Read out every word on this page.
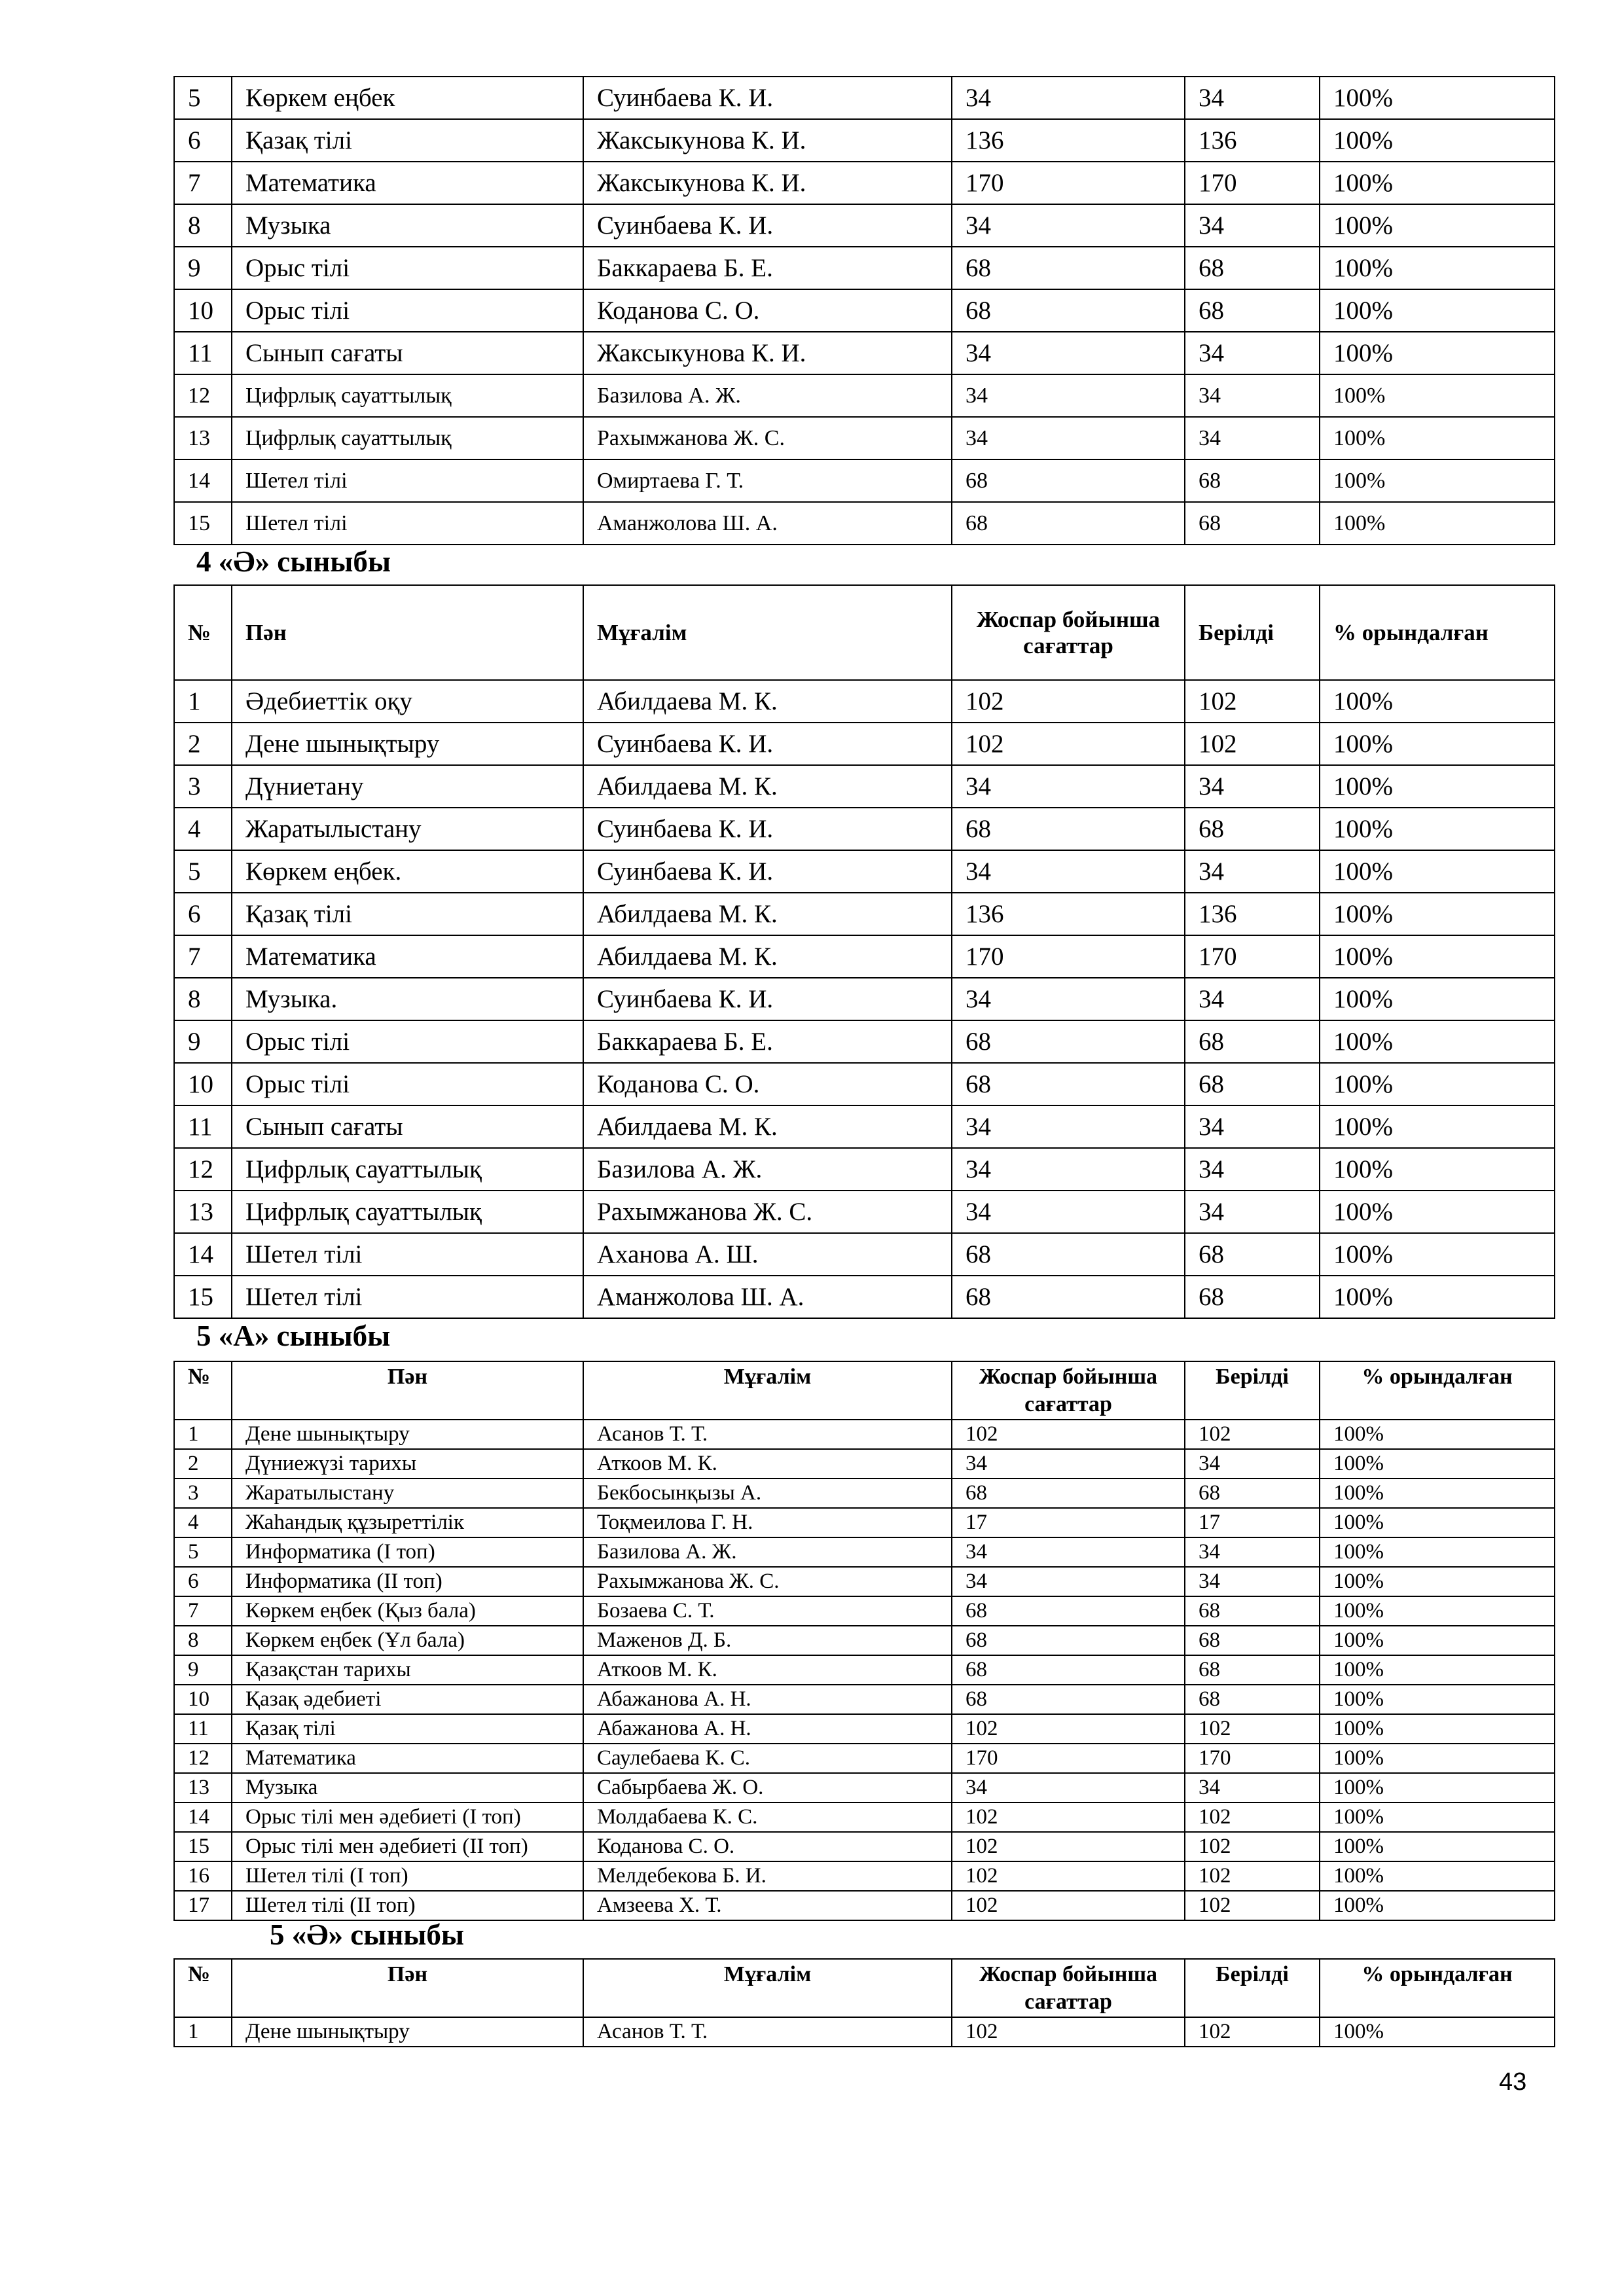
5	Көркем еңбек	Суинбаева К. И.	34	34	100%
6	Қазақ тілі	Жаксыкунова К. И.	136	136	100%
7	Математика	Жаксыкунова К. И.	170	170	100%
8	Музыка	Суинбаева К. И.	34	34	100%
9	Орыс тілі	Баккараева Б. Е.	68	68	100%
10	Орыс тілі	Коданова С. О.	68	68	100%
11	Сынып сағаты	Жаксыкунова К. И.	34	34	100%
12	Цифрлық сауаттылық	Базилова А. Ж.	34	34	100%
13	Цифрлық сауаттылық	Рахымжанова Ж. С.	34	34	100%
14	Шетел тілі	Омиртаева Г. Т.	68	68	100%
15	Шетел тілі	Аманжолова Ш. А.	68	68	100%
4 «Ә» сыныбы
№	Пән	Мұғалім	Жоспар бойынша сағаттар	Берілді	% орындалған
1	Әдебиеттік оқу	Абилдаева М. К.	102	102	100%
2	Дене шынықтыру	Суинбаева К. И.	102	102	100%
3	Дүниетану	Абилдаева М. К.	34	34	100%
4	Жаратылыстану	Суинбаева К. И.	68	68	100%
5	Көркем еңбек.	Суинбаева К. И.	34	34	100%
6	Қазақ тілі	Абилдаева М. К.	136	136	100%
7	Математика	Абилдаева М. К.	170	170	100%
8	Музыка.	Суинбаева К. И.	34	34	100%
9	Орыс тілі	Баккараева Б. Е.	68	68	100%
10	Орыс тілі	Коданова С. О.	68	68	100%
11	Сынып сағаты	Абилдаева М. К.	34	34	100%
12	Цифрлық сауаттылық	Базилова А. Ж.	34	34	100%
13	Цифрлық сауаттылық	Рахымжанова Ж. С.	34	34	100%
14	Шетел тілі	Аханова А. Ш.	68	68	100%
15	Шетел тілі	Аманжолова Ш. А.	68	68	100%
5 «А» сыныбы
№	Пән	Мұғалім	Жоспар бойынша сағаттар	Берілді	% орындалған
1	Дене шынықтыру	Асанов Т. Т.	102	102	100%
2	Дүниежүзі тарихы	Аткоов М. К.	34	34	100%
3	Жаратылыстану	Бекбосынқызы А.	68	68	100%
4	Жаһандық құзыреттілік	Тоқмеилова Г. Н.	17	17	100%
5	Информатика (I топ)	Базилова А. Ж.	34	34	100%
6	Информатика (II топ)	Рахымжанова Ж. С.	34	34	100%
7	Көркем еңбек (Қыз бала)	Бозаева С. Т.	68	68	100%
8	Көркем еңбек (Ұл бала)	Маженов Д. Б.	68	68	100%
9	Қазақстан тарихы	Аткоов М. К.	68	68	100%
10	Қазақ әдебиеті	Абажанова А. Н.	68	68	100%
11	Қазақ тілі	Абажанова А. Н.	102	102	100%
12	Математика	Саулебаева К. С.	170	170	100%
13	Музыка	Сабырбаева Ж. О.	34	34	100%
14	Орыс тілі мен әдебиеті (I топ)	Молдабаева К. С.	102	102	100%
15	Орыс тілі мен әдебиеті (II топ)	Коданова С. О.	102	102	100%
16	Шетел тілі (I топ)	Мелдебекова Б. И.	102	102	100%
17	Шетел тілі (II топ)	Амзеева Х. Т.	102	102	100%
5 «Ә» сыныбы
№	Пән	Мұғалім	Жоспар бойынша сағаттар	Берілді	% орындалған
1	Дене шынықтыру	Асанов Т. Т.	102	102	100%
43
